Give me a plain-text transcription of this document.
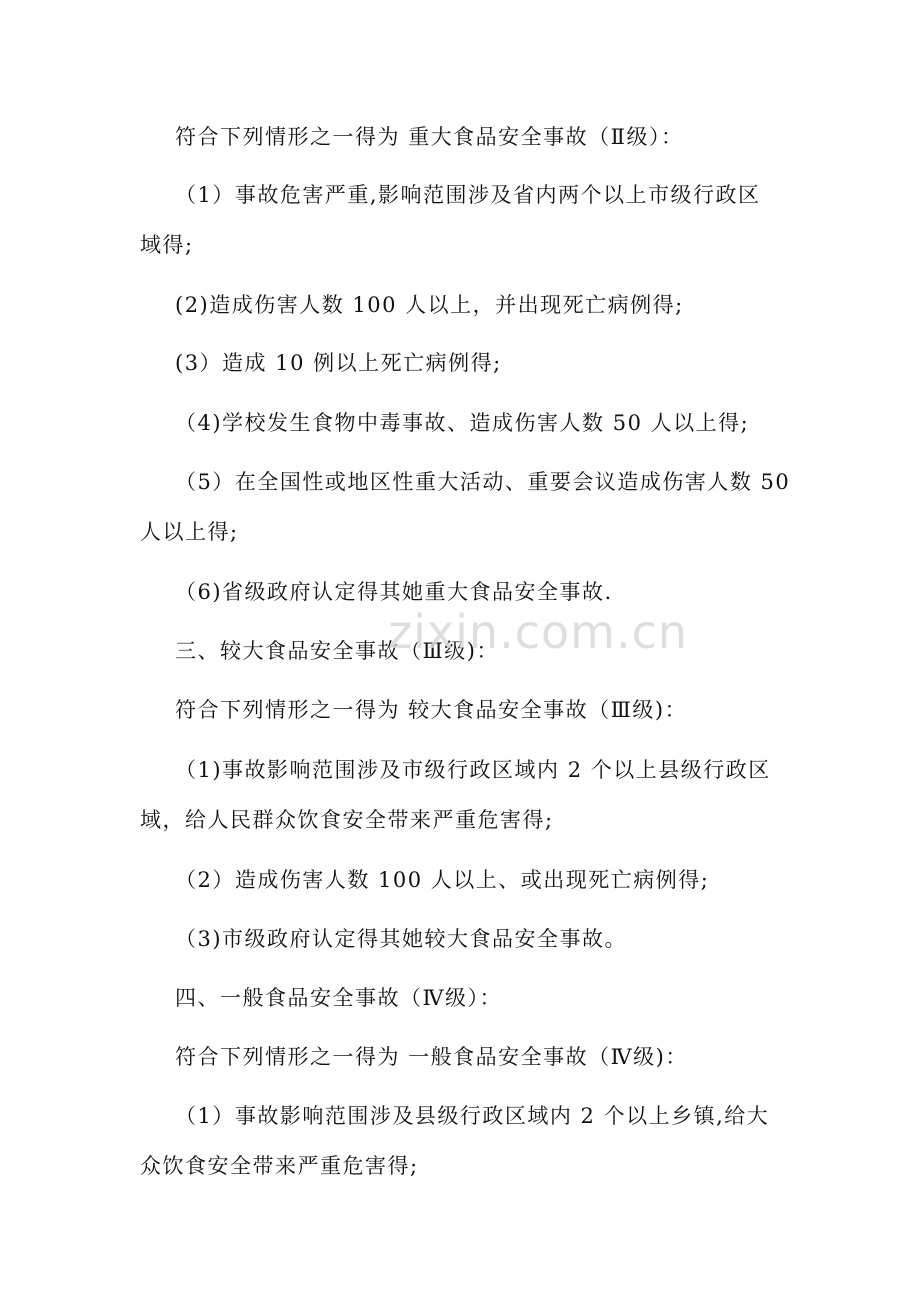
符合下列情形之一得为 重大食品安全事故（Ⅱ级）：
（1）事故危害严重,影响范围涉及省内两个以上市级行政区
域得;
(2)造成伤害人数 100 人以上，并出现死亡病例得;
(3）造成 10 例以上死亡病例得;
（4)学校发生食物中毒事故、造成伤害人数 50 人以上得;
（5）在全国性或地区性重大活动、重要会议造成伤害人数 50
人以上得;
（6)省级政府认定得其她重大食品安全事故.
三、较大食品安全事故（Ⅲ级)：
符合下列情形之一得为 较大食品安全事故（Ⅲ级)：
（1)事故影响范围涉及市级行政区域内 2 个以上县级行政区
域，给人民群众饮食安全带来严重危害得;
（2）造成伤害人数 100 人以上、或出现死亡病例得;
（3)市级政府认定得其她较大食品安全事故。
四、一般食品安全事故（Ⅳ级）：
符合下列情形之一得为 一般食品安全事故（Ⅳ级)：
（1）事故影响范围涉及县级行政区域内 2 个以上乡镇,给大
众饮食安全带来严重危害得;
zixin.com.cn
